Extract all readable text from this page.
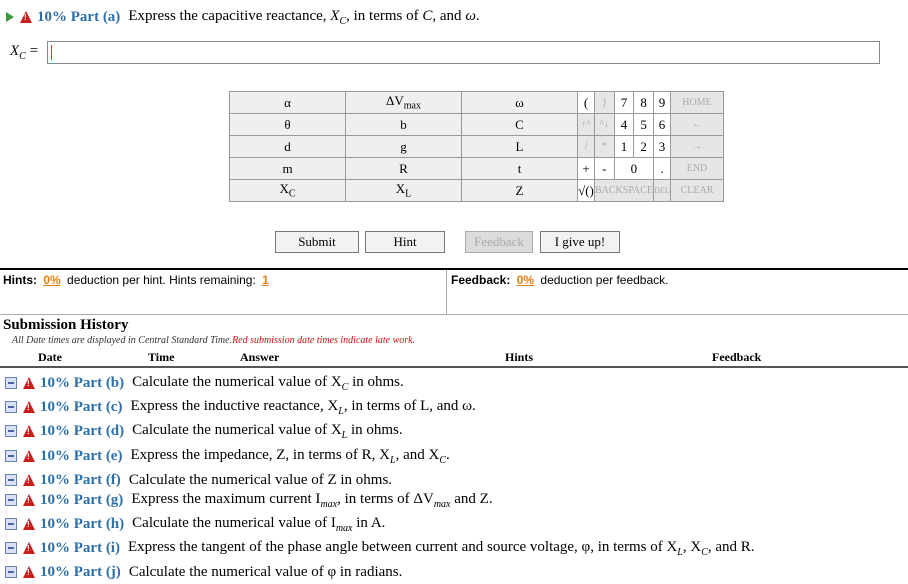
! 10% Part (a) Express the capacitive reactance, $X_C$, in terms of C, and ω.
$X_C$ =
α	$\Delta V_{max}$	ω	(	)	7	8	9	HOME
θ	b	C	↑^	^↓	4	5	6	←
d	g	L	/	*	1	2	3	→
m	R	t	+	-	0		.	END
$X_C$	$X_L$	Z	√()	BACKSPACE			DEL	CLEAR
Submit	Hint	Feedback	I give up!
Hints: 0% deduction per hint. Hints remaining: 1	Feedback: 0% deduction per feedback.
Submission History
All Date times are displayed in Central Standard Time.Red submission date times indicate late work.
Date	Time	Answer	Hints	Feedback
! 10% Part (b) Calculate the numerical value of $X_C$ in ohms.
! 10% Part (c) Express the inductive reactance, $X_L$, in terms of L, and ω.
! 10% Part (d) Calculate the numerical value of $X_L$ in ohms.
! 10% Part (e) Express the impedance, Z, in terms of R, $X_L$, and $X_C$.
! 10% Part (f) Calculate the numerical value of Z in ohms.
! 10% Part (g) Express the maximum current $I_{max}$, in terms of $\Delta V_{max}$ and Z.
! 10% Part (h) Calculate the numerical value of $I_{max}$ in A.
! 10% Part (i) Express the tangent of the phase angle between current and source voltage, φ, in terms of $X_L$, $X_C$, and R.
! 10% Part (j) Calculate the numerical value of φ in radians.
